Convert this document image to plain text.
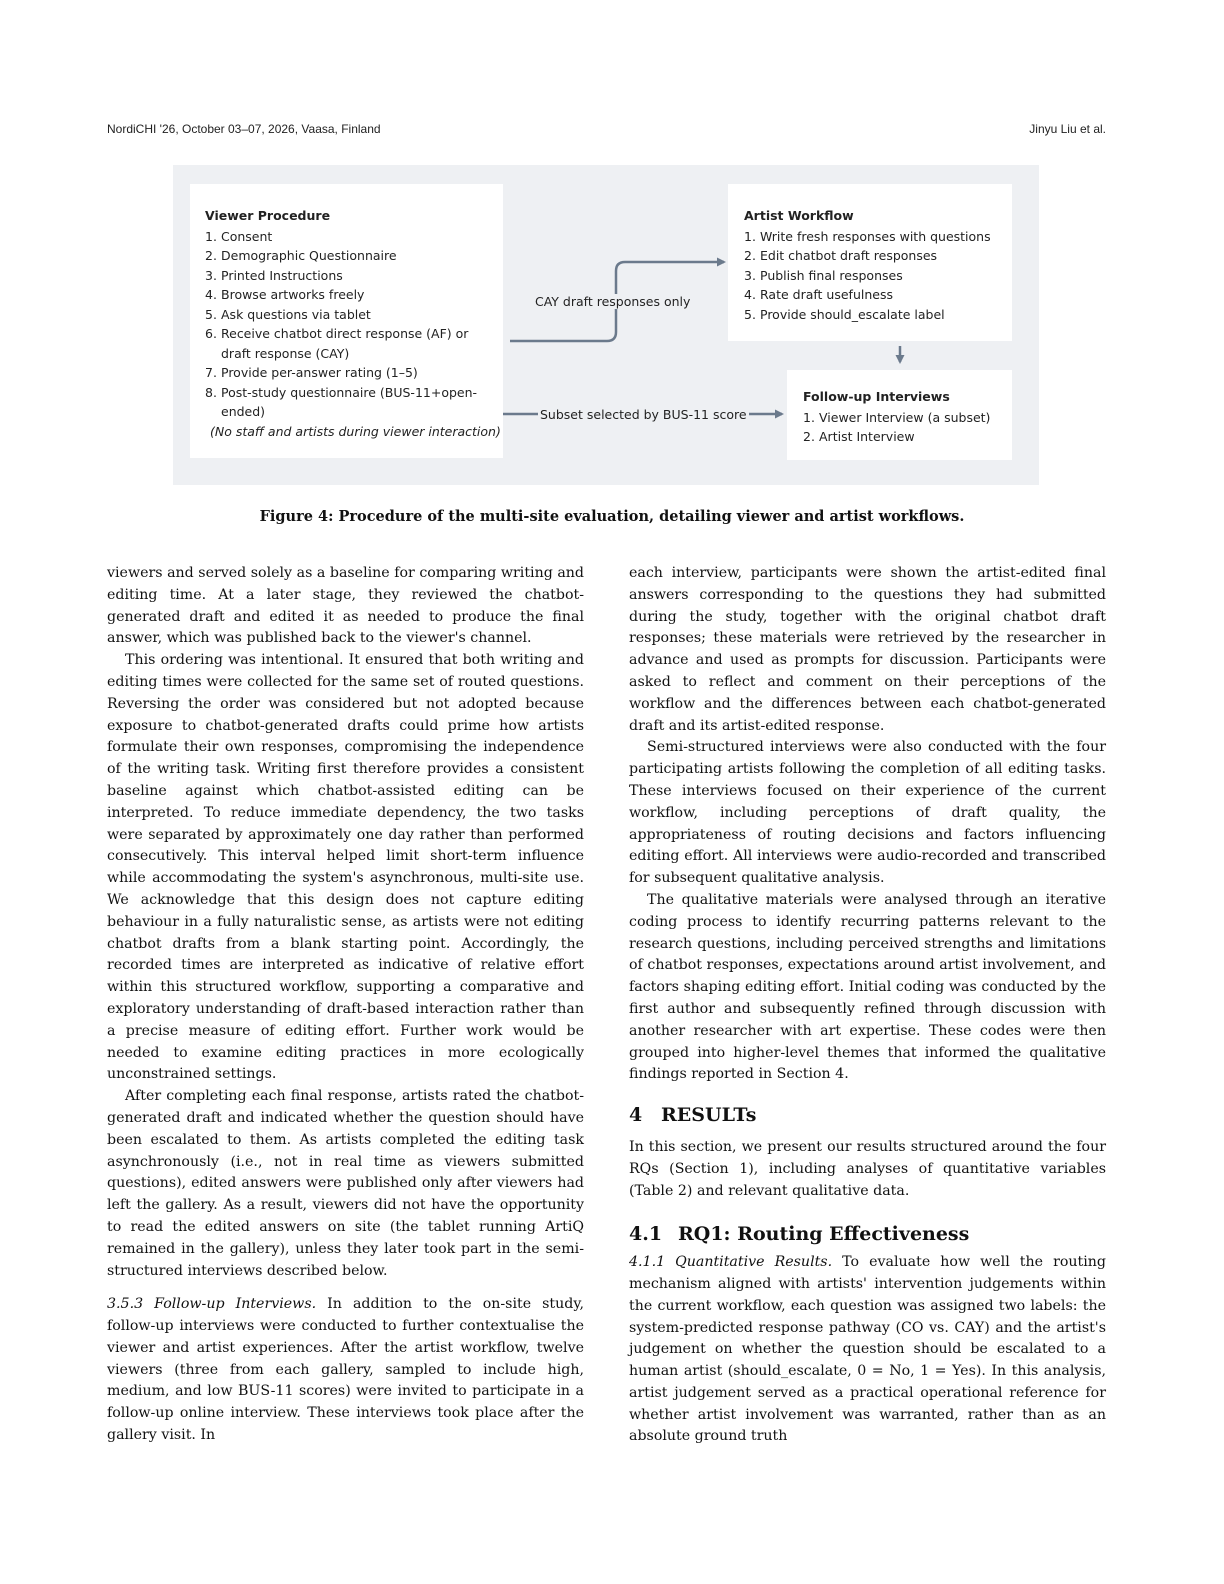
NordiCHI '26, October 03–07, 2026, Vaasa, Finland	Jinyu Liu et al.
CAY draft responses only
Subset selected by BUS-11 score
Viewer Procedure
1. Consent
2. Demographic Questionnaire
3. Printed Instructions
4. Browse artworks freely
5. Ask questions via tablet
6. Receive chatbot direct response (AF) or draft response (CAY)
7. Provide per-answer rating (1–5)
8. Post-study questionnaire (BUS-11+open-ended)
(No staff and artists during viewer interaction)
Artist Workflow
1. Write fresh responses with questions
2. Edit chatbot draft responses
3. Publish final responses
4. Rate draft usefulness
5. Provide should_escalate label
Follow-up Interviews
1. Viewer Interview (a subset)
2. Artist Interview
Figure 4: Procedure of the multi-site evaluation, detailing viewer and artist workflows.

viewers and served solely as a baseline for comparing writing and editing time. At a later stage, they reviewed the chatbot-generated draft and edited it as needed to produce the final answer, which was published back to the viewer's channel.

This ordering was intentional. It ensured that both writing and editing times were collected for the same set of routed questions. Reversing the order was considered but not adopted because exposure to chatbot-generated drafts could prime how artists formulate their own responses, compromising the independence of the writing task. Writing first therefore provides a consistent baseline against which chatbot-assisted editing can be interpreted. To reduce immediate dependency, the two tasks were separated by approximately one day rather than performed consecutively. This interval helped limit short-term influence while accommodating the system's asynchronous, multi-site use. We acknowledge that this design does not capture editing behaviour in a fully naturalistic sense, as artists were not editing chatbot drafts from a blank starting point. Accordingly, the recorded times are interpreted as indicative of relative effort within this structured workflow, supporting a comparative and exploratory understanding of draft-based interaction rather than a precise measure of editing effort. Further work would be needed to examine editing practices in more ecologically unconstrained settings.

After completing each final response, artists rated the chatbot-generated draft and indicated whether the question should have been escalated to them. As artists completed the editing task asynchronously (i.e., not in real time as viewers submitted questions), edited answers were published only after viewers had left the gallery. As a result, viewers did not have the opportunity to read the edited answers on site (the tablet running ArtiQ remained in the gallery), unless they later took part in the semi-structured interviews described below.

3.5.3 Follow-up Interviews. In addition to the on-site study, follow-up interviews were conducted to further contextualise the viewer and artist experiences. After the artist workflow, twelve viewers (three from each gallery, sampled to include high, medium, and low BUS-11 scores) were invited to participate in a follow-up online interview. These interviews took place after the gallery visit. In

each interview, participants were shown the artist-edited final answers corresponding to the questions they had submitted during the study, together with the original chatbot draft responses; these materials were retrieved by the researcher in advance and used as prompts for discussion. Participants were asked to reflect and comment on their perceptions of the workflow and the differences between each chatbot-generated draft and its artist-edited response.

Semi-structured interviews were also conducted with the four participating artists following the completion of all editing tasks. These interviews focused on their experience of the current workflow, including perceptions of draft quality, the appropriateness of routing decisions and factors influencing editing effort. All interviews were audio-recorded and transcribed for subsequent qualitative analysis.

The qualitative materials were analysed through an iterative coding process to identify recurring patterns relevant to the research questions, including perceived strengths and limitations of chatbot responses, expectations around artist involvement, and factors shaping editing effort. Initial coding was conducted by the first author and subsequently refined through discussion with another researcher with art expertise. These codes were then grouped into higher-level themes that informed the qualitative findings reported in Section 4.

4 RESULTs

In this section, we present our results structured around the four RQs (Section 1), including analyses of quantitative variables (Table 2) and relevant qualitative data.

4.1 RQ1: Routing Effectiveness

4.1.1 Quantitative Results. To evaluate how well the routing mechanism aligned with artists' intervention judgements within the current workflow, each question was assigned two labels: the system-predicted response pathway (CO vs. CAY) and the artist's judgement on whether the question should be escalated to a human artist (should_escalate, 0 = No, 1 = Yes). In this analysis, artist judgement served as a practical operational reference for whether artist involvement was warranted, rather than as an absolute ground truth
